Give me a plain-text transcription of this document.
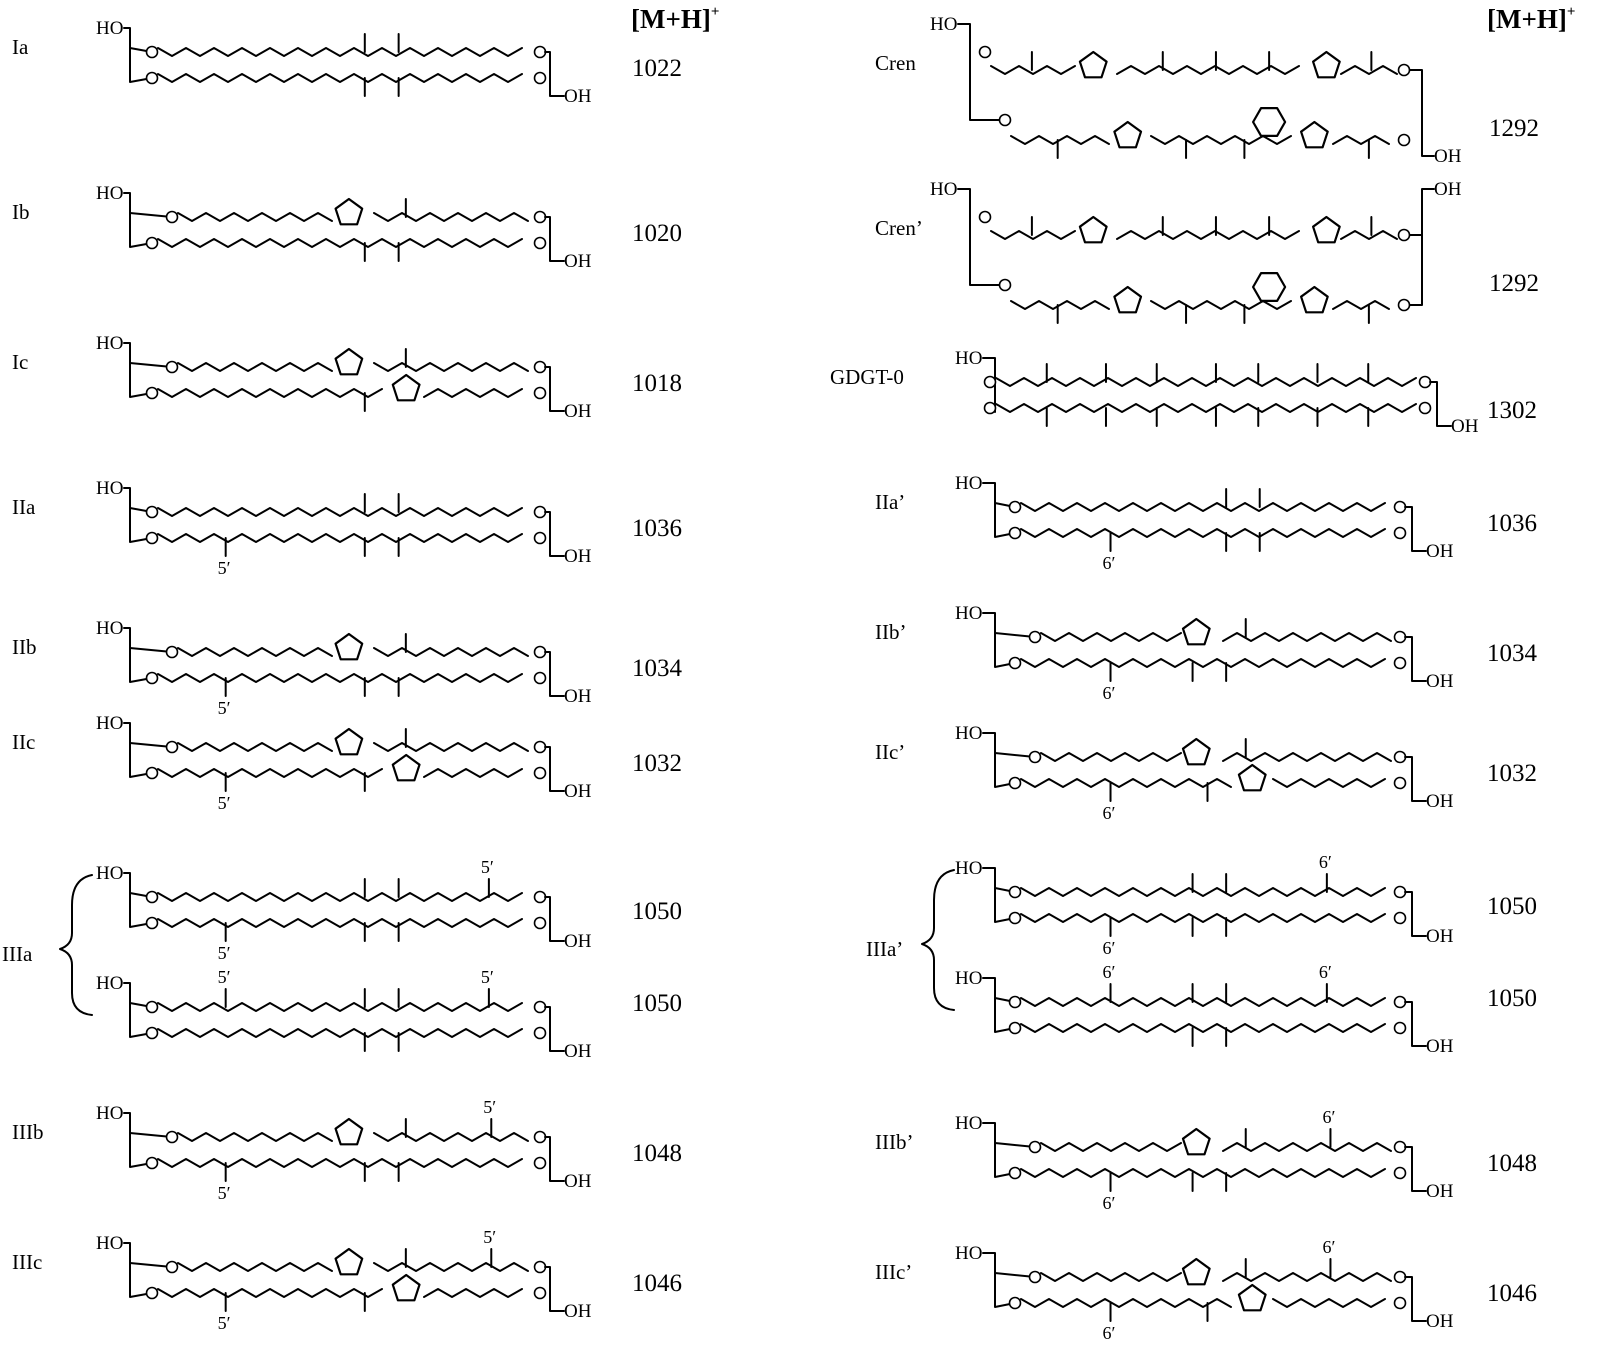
[M+H]+	[M+H]+
Ia
HO
OH
1022
Ib
HO
OH
1020
Ic
HO
OH
1018
IIa
HO
5′
OH
1036
IIb
HO
5′
OH
1034
IIc
HO
5′
OH
1032
IIIa
HO	5′
5′
OH
1050
HO	5′	5′
OH
1050
IIIb
HO	5′
5′
OH
1048
IIIc
HO	5′
5′
OH
1046
Cren
HO
OH
1292
Cren’
HO	OH
1292
GDGT-0
HO
OH
1302
IIa’
HO
6′
OH
1036
IIb’
HO
6′
OH
1034
IIc’
HO
6′
OH
1032
IIIa’
HO	6′
6′
OH
1050
HO	6′	6′
OH
1050
IIIb’
HO	6′
6′
OH
1048
IIIc’
HO	6′
6′
OH
1046
